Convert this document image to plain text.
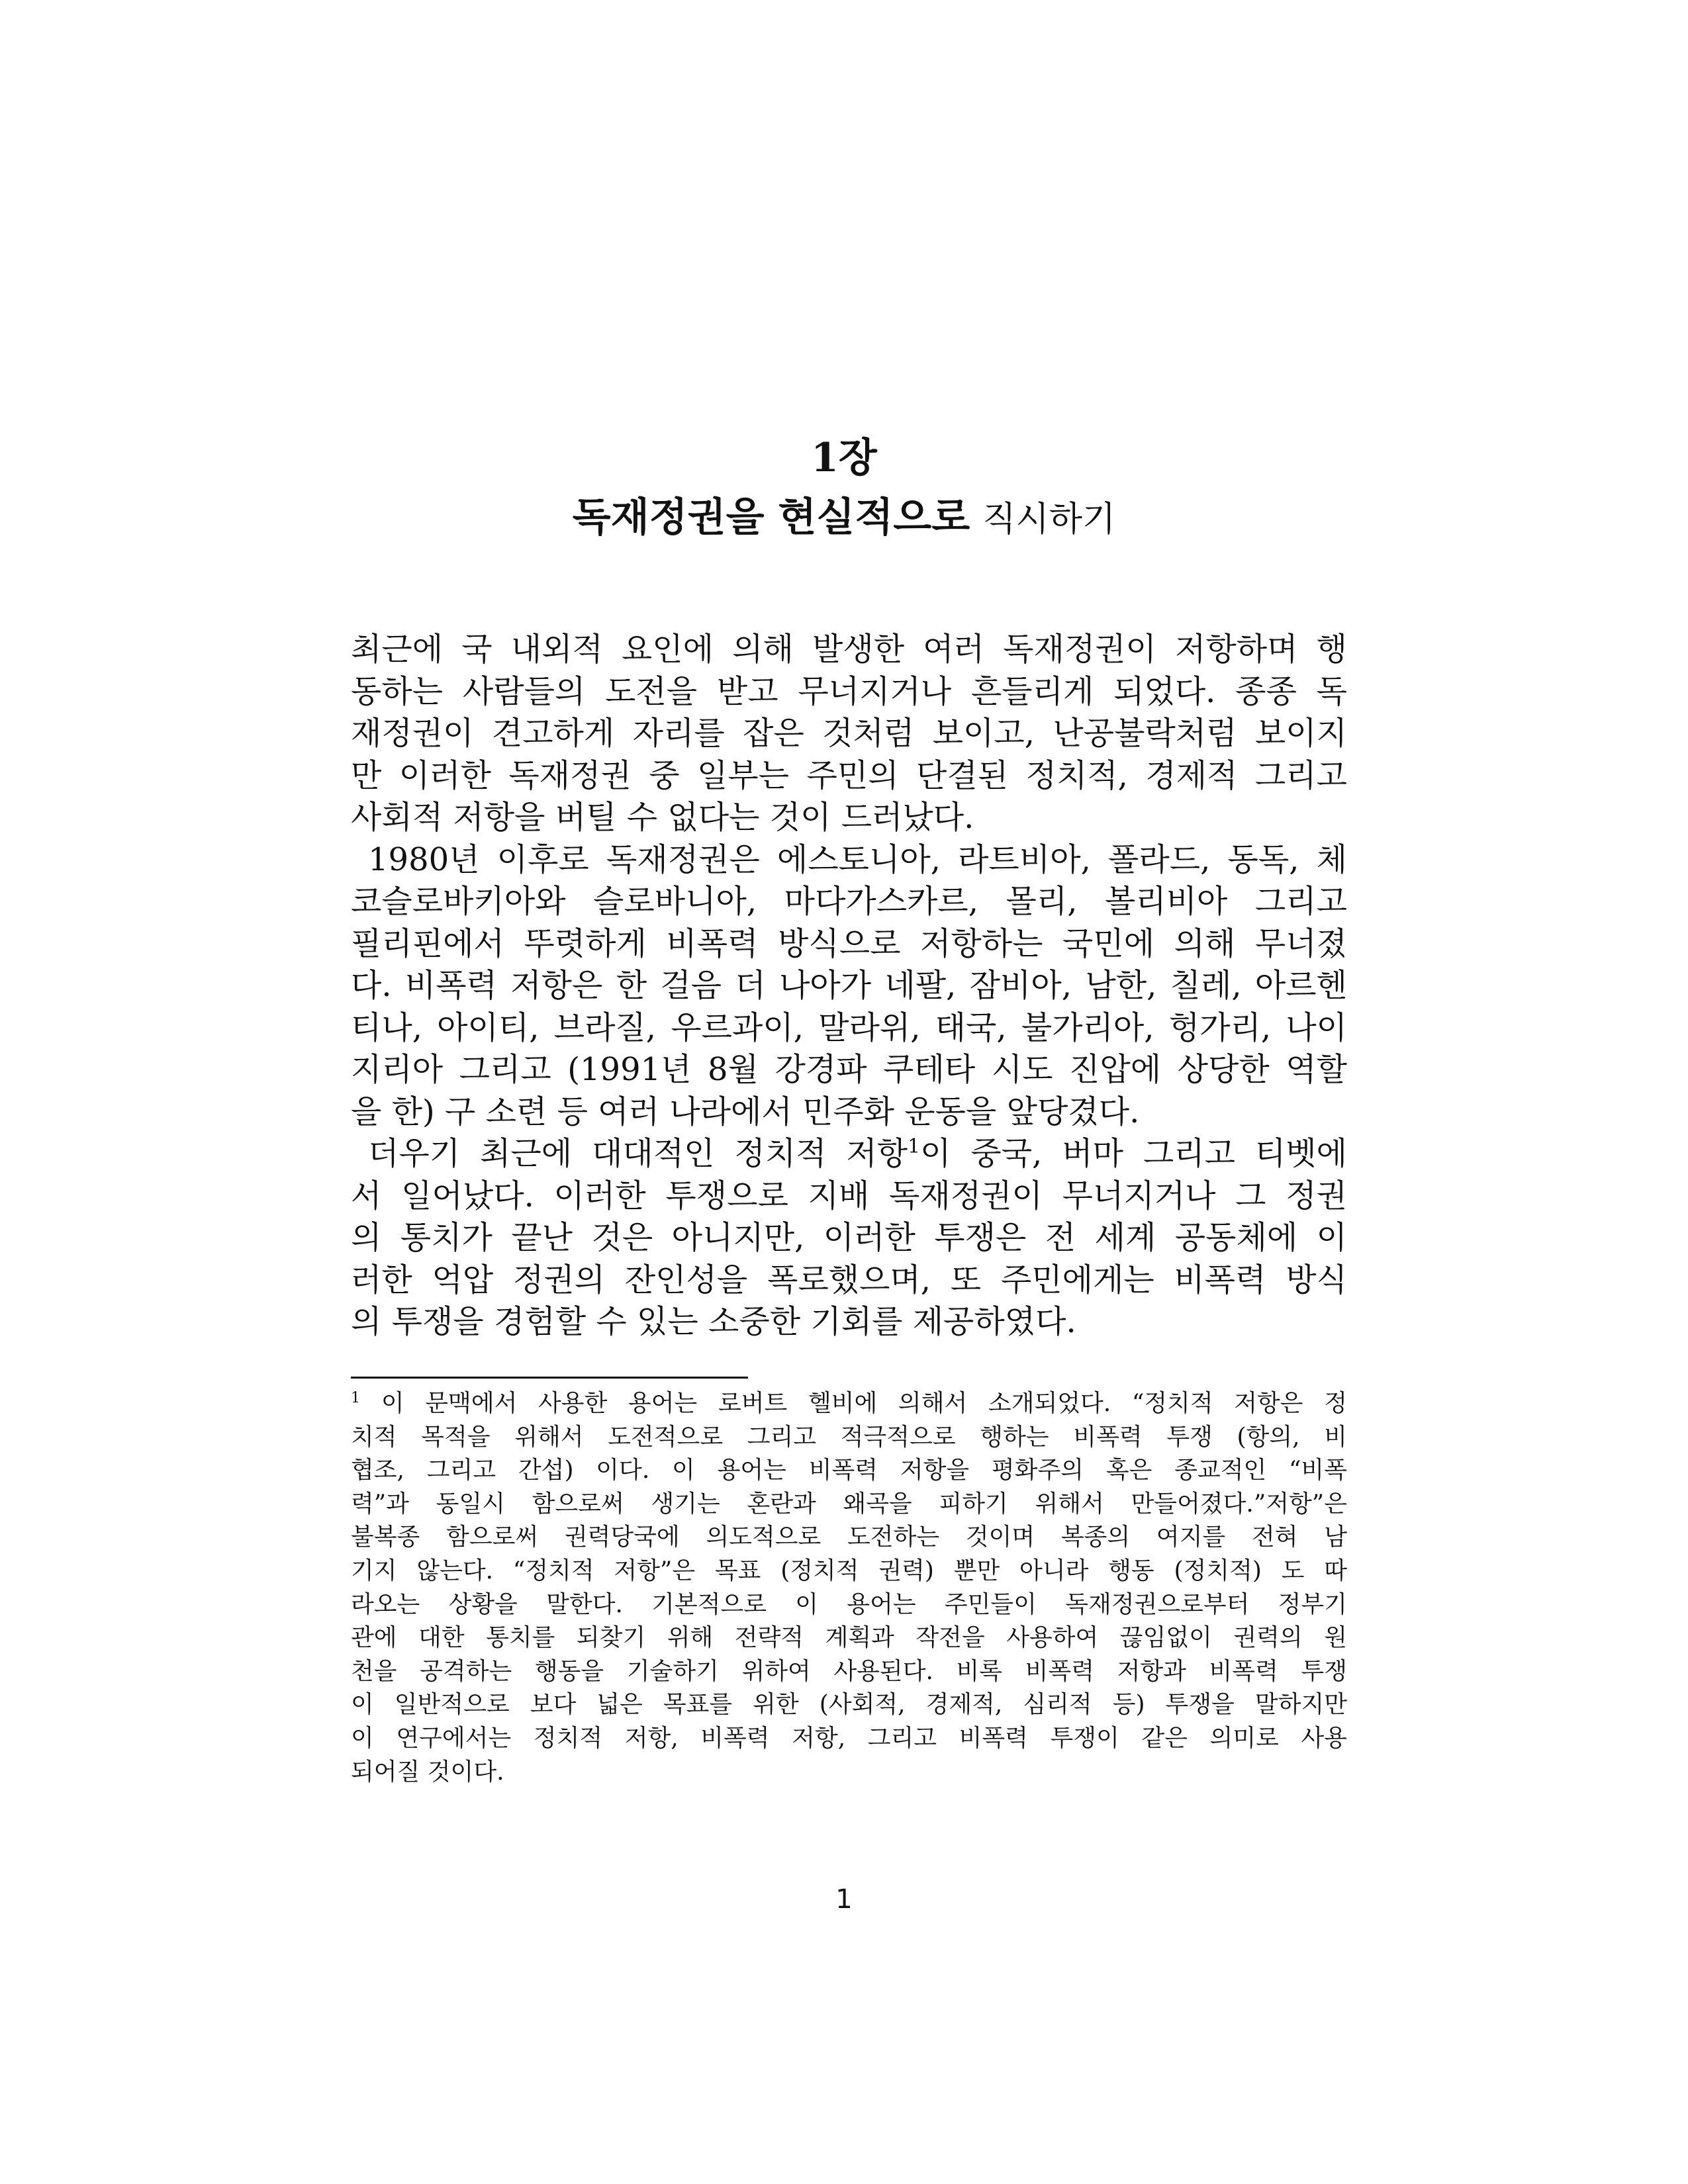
1장
독재정권을 현실적으로 직시하기
최근에 국 내외적 요인에 의해 발생한 여러 독재정권이 저항하며 행
동하는 사람들의 도전을 받고 무너지거나 흔들리게 되었다. 종종 독
재정권이 견고하게 자리를 잡은 것처럼 보이고, 난공불락처럼 보이지
만 이러한 독재정권 중 일부는 주민의 단결된 정치적, 경제적 그리고
사회적 저항을 버틸 수 없다는 것이 드러났다.
1980년 이후로 독재정권은 에스토니아, 라트비아, 폴라드, 동독, 체
코슬로바키아와 슬로바니아, 마다가스카르, 몰리, 볼리비아 그리고
필리핀에서 뚜렷하게 비폭력 방식으로 저항하는 국민에 의해 무너졌
다. 비폭력 저항은 한 걸음 더 나아가 네팔, 잠비아, 남한, 칠레, 아르헨
티나, 아이티, 브라질, 우르과이, 말라위, 태국, 불가리아, 헝가리, 나이
지리아 그리고 (1991년 8월 강경파 쿠테타 시도 진압에 상당한 역할
을 한) 구 소련 등 여러 나라에서 민주화 운동을 앞당겼다.
더우기 최근에 대대적인 정치적 저항$^1$이 중국, 버마 그리고 티벳에
서 일어났다. 이러한 투쟁으로 지배 독재정권이 무너지거나 그 정권
의 통치가 끝난 것은 아니지만, 이러한 투쟁은 전 세계 공동체에 이
러한 억압 정권의 잔인성을 폭로했으며, 또 주민에게는 비폭력 방식
의 투쟁을 경험할 수 있는 소중한 기회를 제공하였다.
$^1$ 이 문맥에서 사용한 용어는 로버트 헬비에 의해서 소개되었다. “정치적 저항은 정
치적 목적을 위해서 도전적으로 그리고 적극적으로 행하는 비폭력 투쟁 (항의, 비
협조, 그리고 간섭) 이다. 이 용어는 비폭력 저항을 평화주의 혹은 종교적인 “비폭
력”과 동일시 함으로써 생기는 혼란과 왜곡을 피하기 위해서 만들어졌다.”저항”은
불복종 함으로써 권력당국에 의도적으로 도전하는 것이며 복종의 여지를 전혀 남
기지 않는다. “정치적 저항”은 목표 (정치적 권력) 뿐만 아니라 행동 (정치적) 도 따
라오는 상황을 말한다. 기본적으로 이 용어는 주민들이 독재정권으로부터 정부기
관에 대한 통치를 되찾기 위해 전략적 계획과 작전을 사용하여 끊임없이 권력의 원
천을 공격하는 행동을 기술하기 위하여 사용된다. 비록 비폭력 저항과 비폭력 투쟁
이 일반적으로 보다 넓은 목표를 위한 (사회적, 경제적, 심리적 등) 투쟁을 말하지만
이 연구에서는 정치적 저항, 비폭력 저항, 그리고 비폭력 투쟁이 같은 의미로 사용
되어질 것이다.
1
